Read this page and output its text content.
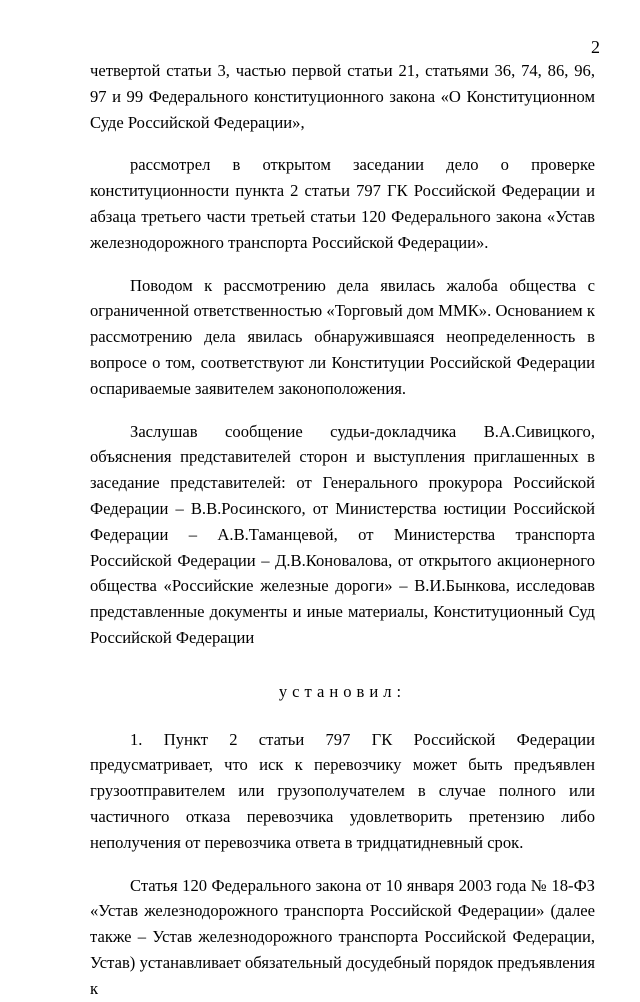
2

четвертой статьи 3, частью первой статьи 21, статьями 36, 74, 86, 96, 97 и 99 Федерального конституционного закона «О Конституционном Суде Российской Федерации»,

рассмотрел в открытом заседании дело о проверке конституционности пункта 2 статьи 797 ГК Российской Федерации и абзаца третьего части третьей статьи 120 Федерального закона «Устав железнодорожного транспорта Российской Федерации».

Поводом к рассмотрению дела явилась жалоба общества с ограниченной ответственностью «Торговый дом ММК». Основанием к рассмотрению дела явилась обнаружившаяся неопределенность в вопросе о том, соответствуют ли Конституции Российской Федерации оспариваемые заявителем законоположения.

Заслушав сообщение судьи-докладчика В.А.Сивицкого, объяснения представителей сторон и выступления приглашенных в заседание представителей: от Генерального прокурора Российской Федерации – В.В.Росинского, от Министерства юстиции Российской Федерации – А.В.Таманцевой, от Министерства транспорта Российской Федерации – Д.В.Коновалова, от открытого акционерного общества «Российские железные дороги» – В.И.Бынкова, исследовав представленные документы и иные материалы, Конституционный Суд Российской Федерации

установил:

1. Пункт 2 статьи 797 ГК Российской Федерации предусматривает, что иск к перевозчику может быть предъявлен грузоотправителем или грузополучателем в случае полного или частичного отказа перевозчика удовлетворить претензию либо неполучения от перевозчика ответа в тридцатидневный срок.

Статья 120 Федерального закона от 10 января 2003 года № 18-ФЗ «Устав железнодорожного транспорта Российской Федерации» (далее также – Устав железнодорожного транспорта Российской Федерации, Устав) устанавливает обязательный досудебный порядок предъявления к
